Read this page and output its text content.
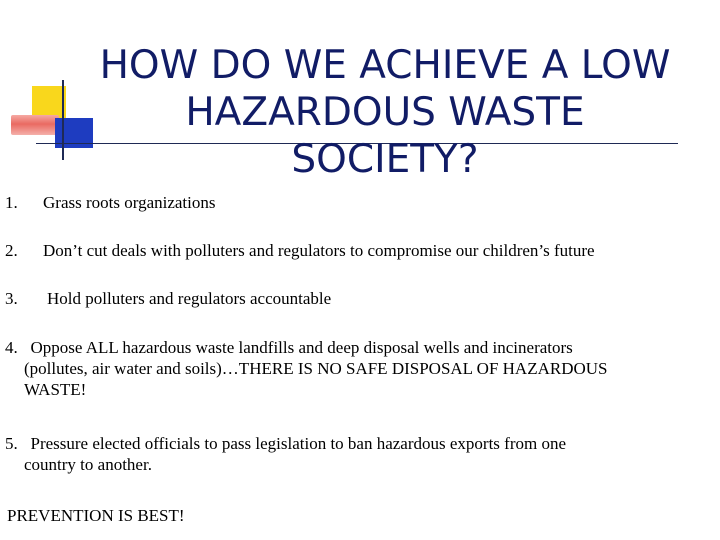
HOW DO WE ACHIEVE A LOW
HAZARDOUS WASTE
SOCIETY?
1. Grass roots organizations
2. Don’t cut deals with polluters and regulators to compromise our children’s future
3. Hold polluters and regulators accountable
4. Oppose ALL hazardous waste landfills and deep disposal wells and incinerators
(pollutes, air water and soils)…THERE IS NO SAFE DISPOSAL OF HAZARDOUS
WASTE!
5. Pressure elected officials to pass legislation to ban hazardous exports from one
country to another.
PREVENTION IS BEST!
